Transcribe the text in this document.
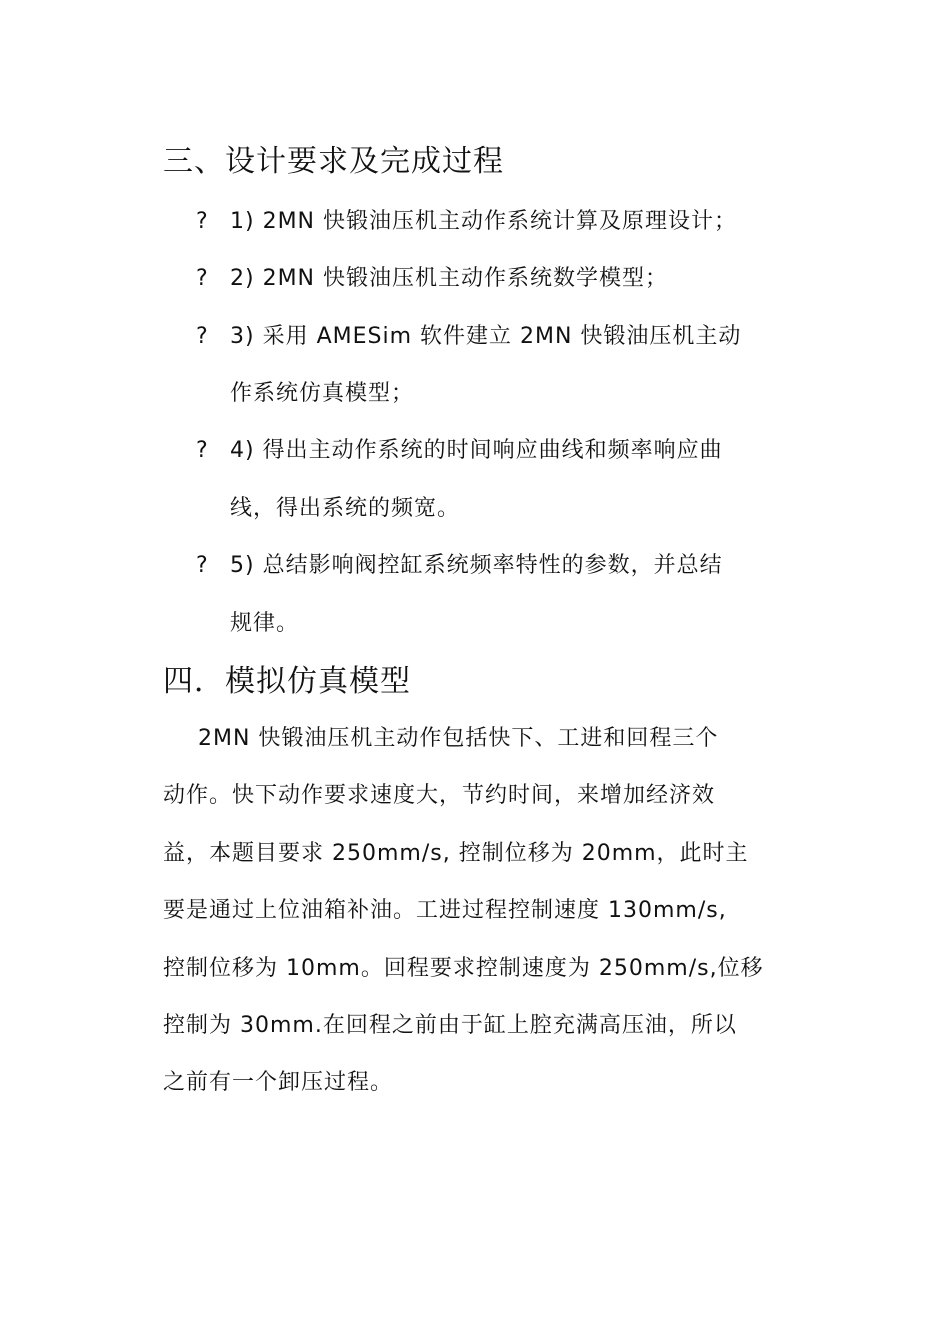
三、设计要求及完成过程
? 1) 2MN 快锻油压机主动作系统计算及原理设计；
? 2) 2MN 快锻油压机主动作系统数学模型；
? 3) 采用 AMESim 软件建立 2MN 快锻油压机主动
作系统仿真模型；
? 4) 得出主动作系统的时间响应曲线和频率响应曲
线，得出系统的频宽。
? 5) 总结影响阀控缸系统频率特性的参数，并总结
规律。
四．模拟仿真模型
2MN 快锻油压机主动作包括快下、工进和回程三个
动作。快下动作要求速度大，节约时间，来增加经济效
益，本题目要求 250mm/s, 控制位移为 20mm，此时主
要是通过上位油箱补油。工进过程控制速度 130mm/s,
控制位移为 10mm。回程要求控制速度为 250mm/s,位移
控制为 30mm.在回程之前由于缸上腔充满高压油，所以
之前有一个卸压过程。
